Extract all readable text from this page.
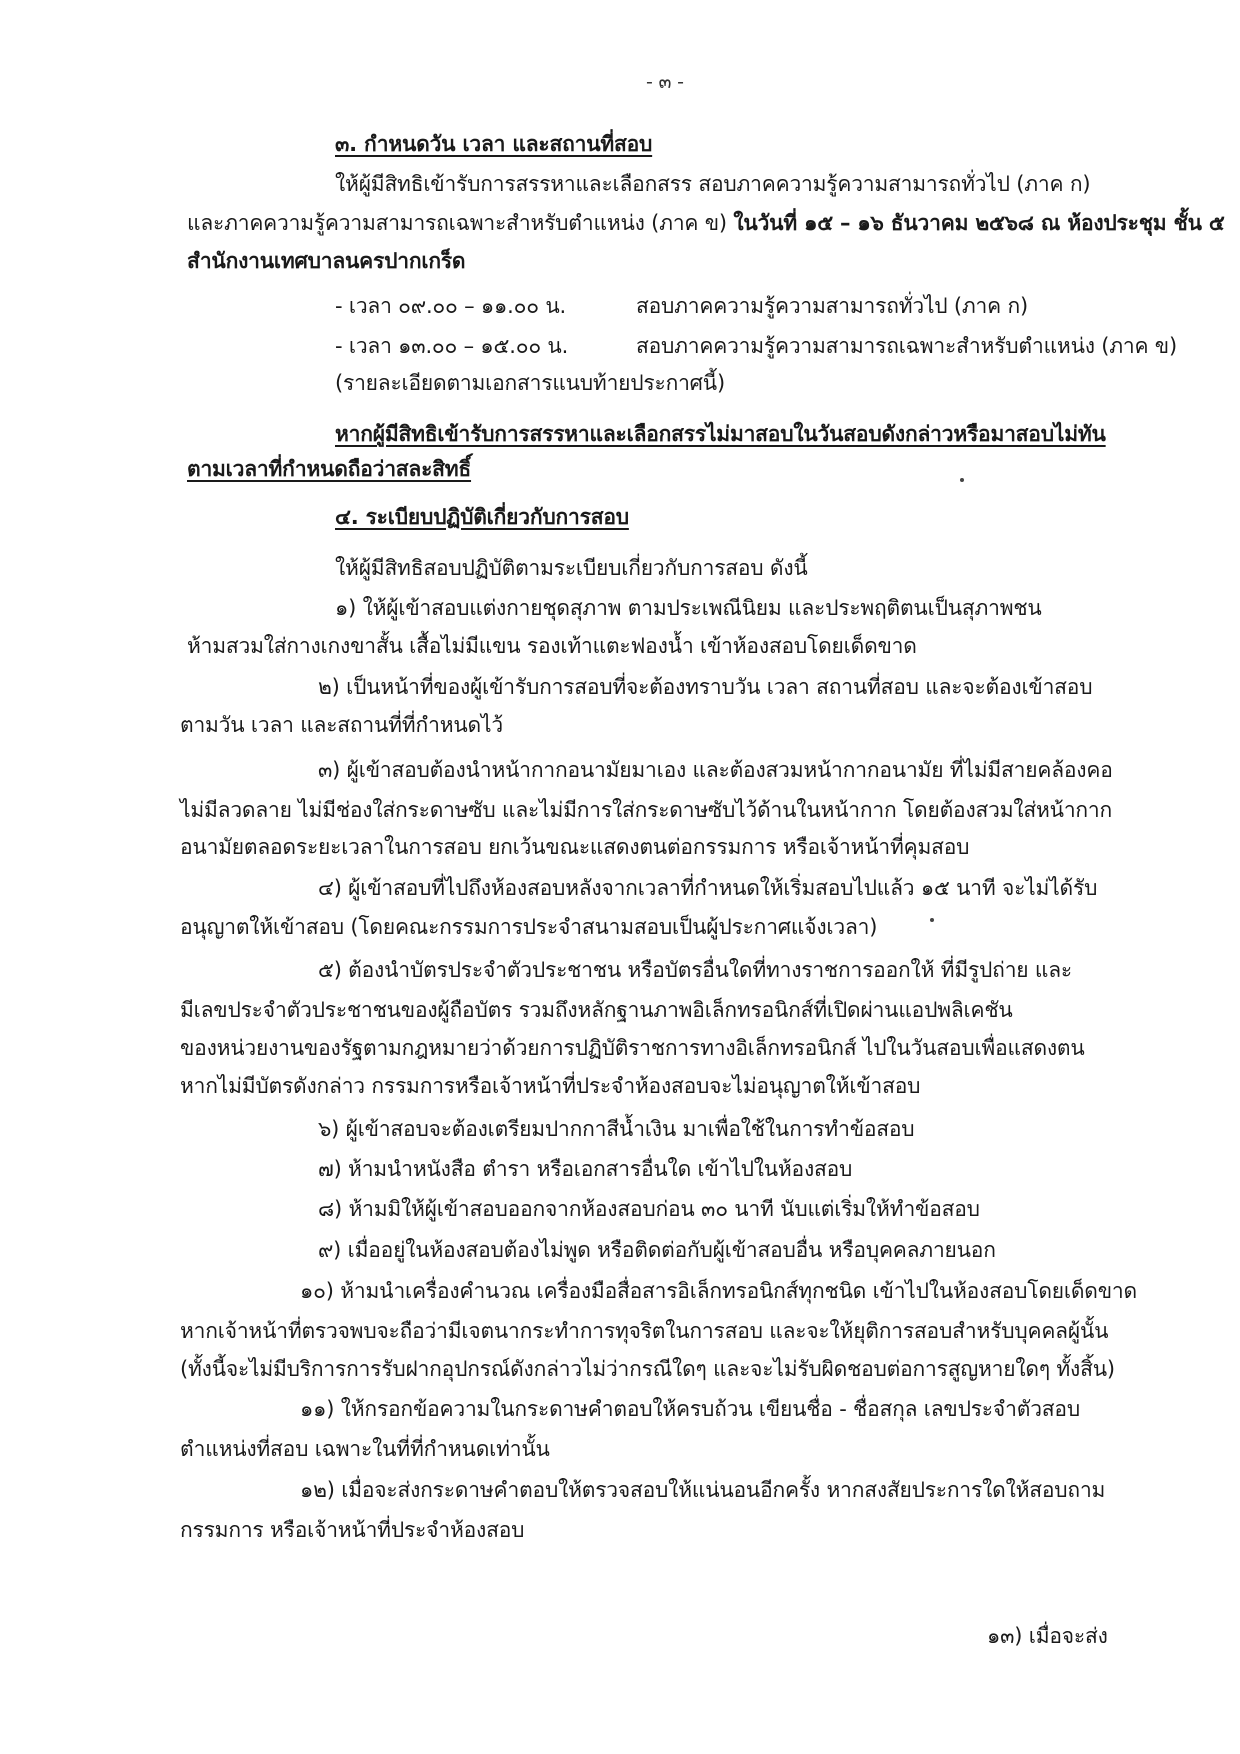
- ๓ -
๓. กำหนดวัน เวลา และสถานที่สอบ
ให้ผู้มีสิทธิเข้ารับการสรรหาและเลือกสรร สอบภาคความรู้ความสามารถทั่วไป (ภาค ก)
และภาคความรู้ความสามารถเฉพาะสำหรับตำแหน่ง (ภาค ข) ในวันที่ ๑๕ – ๑๖ ธันวาคม ๒๕๖๘ ณ ห้องประชุม ชั้น ๕
สำนักงานเทศบาลนครปากเกร็ด
- เวลา ๐๙.๐๐ – ๑๑.๐๐ น.	สอบภาคความรู้ความสามารถทั่วไป (ภาค ก)
- เวลา ๑๓.๐๐ – ๑๕.๐๐ น.	สอบภาคความรู้ความสามารถเฉพาะสำหรับตำแหน่ง (ภาค ข)
(รายละเอียดตามเอกสารแนบท้ายประกาศนี้)
หากผู้มีสิทธิเข้ารับการสรรหาและเลือกสรรไม่มาสอบในวันสอบดังกล่าวหรือมาสอบไม่ทัน
ตามเวลาที่กำหนดถือว่าสละสิทธิ์
๔. ระเบียบปฏิบัติเกี่ยวกับการสอบ
ให้ผู้มีสิทธิสอบปฏิบัติตามระเบียบเกี่ยวกับการสอบ ดังนี้
๑) ให้ผู้เข้าสอบแต่งกายชุดสุภาพ ตามประเพณีนิยม และประพฤติตนเป็นสุภาพชน
ห้ามสวมใส่กางเกงขาสั้น เสื้อไม่มีแขน รองเท้าแตะฟองน้ำ เข้าห้องสอบโดยเด็ดขาด
๒) เป็นหน้าที่ของผู้เข้ารับการสอบที่จะต้องทราบวัน เวลา สถานที่สอบ และจะต้องเข้าสอบ
ตามวัน เวลา และสถานที่ที่กำหนดไว้
๓) ผู้เข้าสอบต้องนำหน้ากากอนามัยมาเอง และต้องสวมหน้ากากอนามัย ที่ไม่มีสายคล้องคอ
ไม่มีลวดลาย ไม่มีช่องใส่กระดาษซับ และไม่มีการใส่กระดาษซับไว้ด้านในหน้ากาก โดยต้องสวมใส่หน้ากาก
อนามัยตลอดระยะเวลาในการสอบ ยกเว้นขณะแสดงตนต่อกรรมการ หรือเจ้าหน้าที่คุมสอบ
๔) ผู้เข้าสอบที่ไปถึงห้องสอบหลังจากเวลาที่กำหนดให้เริ่มสอบไปแล้ว ๑๕ นาที จะไม่ได้รับ
อนุญาตให้เข้าสอบ (โดยคณะกรรมการประจำสนามสอบเป็นผู้ประกาศแจ้งเวลา)
๕) ต้องนำบัตรประจำตัวประชาชน หรือบัตรอื่นใดที่ทางราชการออกให้ ที่มีรูปถ่าย และ
มีเลขประจำตัวประชาชนของผู้ถือบัตร รวมถึงหลักฐานภาพอิเล็กทรอนิกส์ที่เปิดผ่านแอปพลิเคชัน
ของหน่วยงานของรัฐตามกฎหมายว่าด้วยการปฏิบัติราชการทางอิเล็กทรอนิกส์ ไปในวันสอบเพื่อแสดงตน
หากไม่มีบัตรดังกล่าว กรรมการหรือเจ้าหน้าที่ประจำห้องสอบจะไม่อนุญาตให้เข้าสอบ
๖) ผู้เข้าสอบจะต้องเตรียมปากกาสีน้ำเงิน มาเพื่อใช้ในการทำข้อสอบ
๗) ห้ามนำหนังสือ ตำรา หรือเอกสารอื่นใด เข้าไปในห้องสอบ
๘) ห้ามมิให้ผู้เข้าสอบออกจากห้องสอบก่อน ๓๐ นาที นับแต่เริ่มให้ทำข้อสอบ
๙) เมื่ออยู่ในห้องสอบต้องไม่พูด หรือติดต่อกับผู้เข้าสอบอื่น หรือบุคคลภายนอก
๑๐) ห้ามนำเครื่องคำนวณ เครื่องมือสื่อสารอิเล็กทรอนิกส์ทุกชนิด เข้าไปในห้องสอบโดยเด็ดขาด
หากเจ้าหน้าที่ตรวจพบจะถือว่ามีเจตนากระทำการทุจริตในการสอบ และจะให้ยุติการสอบสำหรับบุคคลผู้นั้น
(ทั้งนี้จะไม่มีบริการการรับฝากอุปกรณ์ดังกล่าวไม่ว่ากรณีใดๆ และจะไม่รับผิดชอบต่อการสูญหายใดๆ ทั้งสิ้น)
๑๑) ให้กรอกข้อความในกระดาษคำตอบให้ครบถ้วน เขียนชื่อ - ชื่อสกุล เลขประจำตัวสอบ
ตำแหน่งที่สอบ เฉพาะในที่ที่กำหนดเท่านั้น
๑๒) เมื่อจะส่งกระดาษคำตอบให้ตรวจสอบให้แน่นอนอีกครั้ง หากสงสัยประการใดให้สอบถาม
กรรมการ หรือเจ้าหน้าที่ประจำห้องสอบ
๑๓) เมื่อจะส่ง
